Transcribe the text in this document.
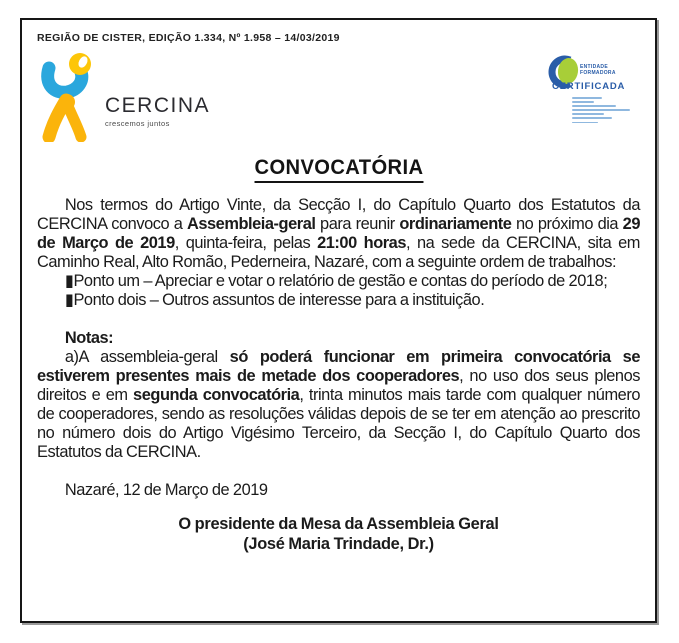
REGIÃO DE CISTER, EDIÇÃO 1.334, Nº 1.958 – 14/03/2019
CERCINA
crescemos juntos
ENTIDADE
FORMADORA
CERTIFICADA
CONVOCATÓRIA

Nos termos do Artigo Vinte, da Secção I, do Capítulo Quarto dos Estatutos da CERCINA convoco a Assembleia-geral para reunir ordinariamente no próximo dia 29 de Março de 2019, quinta-feira, pelas 21:00 horas, na sede da CERCINA, sita em Caminho Real, Alto Romão, Pederneira, Nazaré, com a seguinte ordem de trabalhos:

▮Ponto um – Apreciar e votar o relatório de gestão e contas do período de 2018;

▮Ponto dois – Outros assuntos de interesse para a instituição.

Notas:

a)A assembleia-geral só poderá funcionar em primeira convocatória se estiverem presentes mais de metade dos cooperadores, no uso dos seus plenos direitos e em segunda convocatória, trinta minutos mais tarde com qualquer número de cooperadores, sendo as resoluções válidas depois de se ter em atenção ao prescrito no número dois do Artigo Vigésimo Terceiro, da Secção I, do Capítulo Quarto dos Estatutos da CERCINA.

Nazaré, 12 de Março de 2019

O presidente da Mesa da Assembleia Geral
(José Maria Trindade, Dr.)
